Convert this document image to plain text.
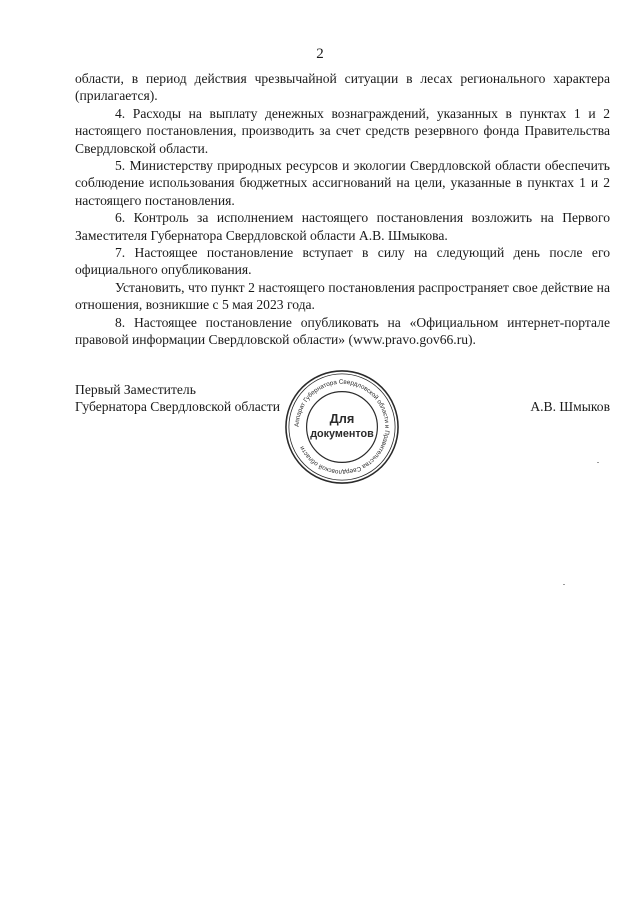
2

области, в период действия чрезвычайной ситуации в лесах регионального характера (прилагается).

4. Расходы на выплату денежных вознаграждений, указанных в пунктах 1 и 2 настоящего постановления, производить за счет средств резервного фонда Правительства Свердловской области.

5. Министерству природных ресурсов и экологии Свердловской области обеспечить соблюдение использования бюджетных ассигнований на цели, указанные в пунктах 1 и 2 настоящего постановления.

6. Контроль за исполнением настоящего постановления возложить на Первого Заместителя Губернатора Свердловской области А.В. Шмыкова.

7. Настоящее постановление вступает в силу на следующий день после его официального опубликования.

Установить, что пункт 2 настоящего постановления распространяет свое действие на отношения, возникшие с 5 мая 2023 года.

8. Настоящее постановление опубликовать на «Официальном интернет-портале правовой информации Свердловской области» (www.pravo.gov66.ru).

Первый Заместитель
Губернатора Свердловской области	А.В. Шмыков
Аппарат Губернатора Свердловской области и Правительства Свердловской области
Для
документов
